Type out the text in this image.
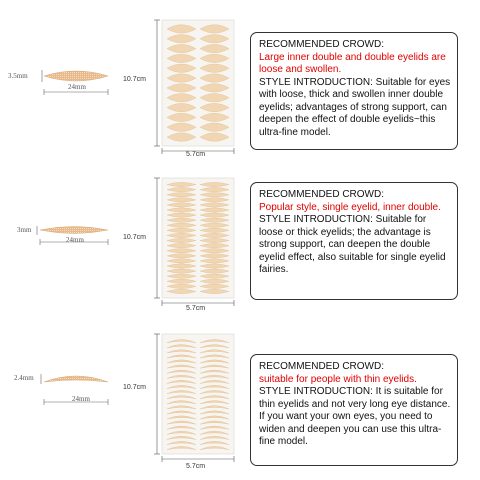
3.5mm
24mm
10.7cm
5.7cm

RECOMMENDED CROWD:

Large inner double and double eyelids are loose and swollen.

STYLE INTRODUCTION: Suitable for eyes with loose, thick and swollen inner double eyelids; advantages of strong support, can deepen the effect of double eyelids~this ultra-fine model.

3mm
24mm	10.7cm
5.7cm

RECOMMENDED CROWD:

Popular style, single eyelid, inner double.

STYLE INTRODUCTION: Suitable for loose or thick eyelids; the advantage is strong support, can deepen the double eyelid effect, also suitable for single eyelid fairies.

2.4mm
24mm
10.7cm
5.7cm

RECOMMENDED CROWD:

suitable for people with thin eyelids.

STYLE INTRODUCTION: It is suitable for thin eyelids and not very long eye distance. If you want your own eyes, you need to widen and deepen you can use this ultra-fine model.
